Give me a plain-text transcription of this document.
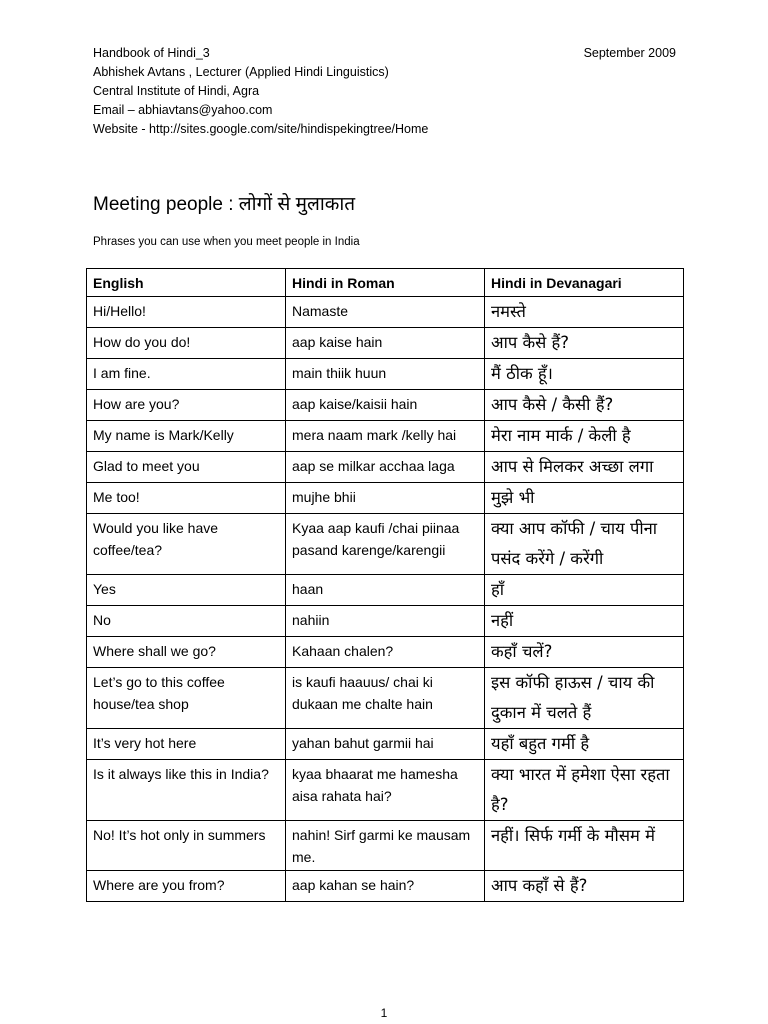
Handbook of Hindi_3
Abhishek Avtans , Lecturer (Applied Hindi Linguistics)
Central Institute of Hindi, Agra
Email – abhiavtans@yahoo.com
Website - http://sites.google.com/site/hindispekingtree/Home
September 2009
Meeting people : लोगों से मुलाकात
Phrases you can use when you meet people in India
English	Hindi in Roman	Hindi in Devanagari
Hi/Hello!	Namaste	नमस्ते
How do you do!	aap kaise hain	आप कैसे हैं?
I am fine.	main thiik huun	मैं ठीक हूँ।
How are you?	aap kaise/kaisii hain	आप कैसे / कैसी हैं?
My name is Mark/Kelly	mera naam mark /kelly hai	मेरा नाम मार्क / केली है
Glad to meet you	aap se milkar acchaa laga	आप से मिलकर अच्छा लगा
Me too!	mujhe bhii	मुझे भी
Would you like have coffee/tea?	Kyaa aap kaufi /chai piinaa pasand karenge/karengii	क्या आप कॉफी / चाय पीना पसंद करेंगे / करेंगी
Yes	haan	हाँ
No	nahiin	नहीं
Where shall we go?	Kahaan chalen?	कहाँ चलें?
Let’s go to this coffee house/tea shop	is kaufi haauus/ chai ki dukaan me chalte hain	इस कॉफी हाऊस / चाय की दुकान में चलते हैं
It’s very hot here	yahan bahut garmii hai	यहाँ बहुत गर्मी है
Is it always like this in India?	kyaa bhaarat me hamesha aisa rahata hai?	क्या भारत में हमेशा ऐसा रहता है?
No! It’s hot only in summers	nahin! Sirf garmi ke mausam me.	नहीं। सिर्फ गर्मी के मौसम में
Where are you from?	aap kahan se hain?	आप कहाँ से हैं?
1
